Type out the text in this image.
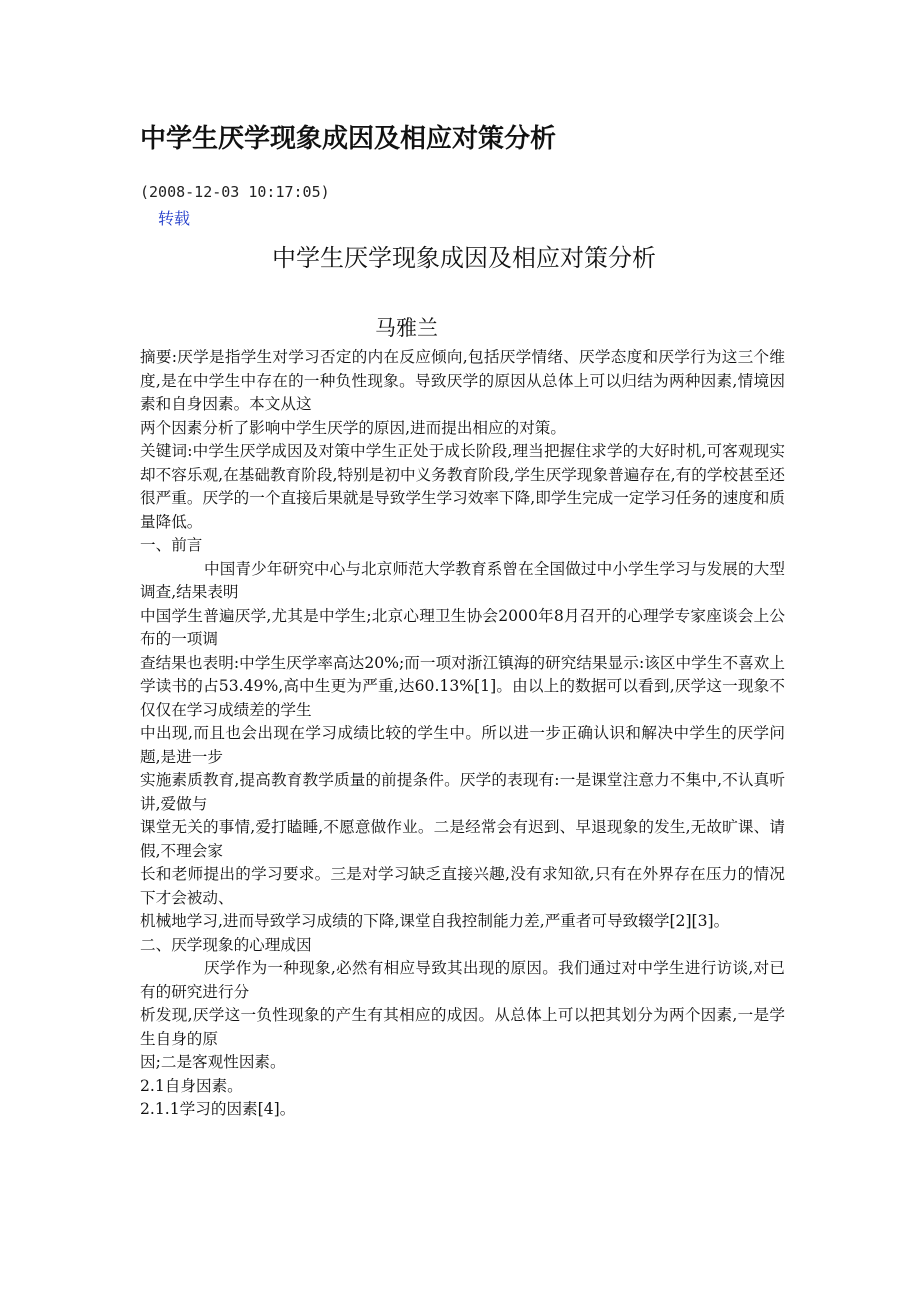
中学生厌学现象成因及相应对策分析
(2008-12-03 10:17:05)
转载
中学生厌学现象成因及相应对策分析
马雅兰

摘要:厌学是指学生对学习否定的内在反应倾向,包括厌学情绪、厌学态度和厌学行为这三个维度,是在中学生中存在的一种负性现象。导致厌学的原因从总体上可以归结为两种因素,情境因素和自身因素。本文从这

两个因素分析了影响中学生厌学的原因,进而提出相应的对策。

关键词:中学生厌学成因及对策中学生正处于成长阶段,理当把握住求学的大好时机,可客观现实却不容乐观,在基础教育阶段,特别是初中义务教育阶段,学生厌学现象普遍存在,有的学校甚至还很严重。厌学的一个直接后果就是导致学生学习效率下降,即学生完成一定学习任务的速度和质量降低。

一、前言

中国青少年研究中心与北京师范大学教育系曾在全国做过中小学生学习与发展的大型调查,结果表明

中国学生普遍厌学,尤其是中学生;北京心理卫生协会2000年8月召开的心理学专家座谈会上公布的一项调

查结果也表明:中学生厌学率高达20%;而一项对浙江镇海的研究结果显示:该区中学生不喜欢上学读书的占53.49%,高中生更为严重,达60.13%[1]。由以上的数据可以看到,厌学这一现象不仅仅在学习成绩差的学生

中出现,而且也会出现在学习成绩比较的学生中。所以进一步正确认识和解决中学生的厌学问题,是进一步

实施素质教育,提高教育教学质量的前提条件。厌学的表现有:一是课堂注意力不集中,不认真听讲,爱做与

课堂无关的事情,爱打瞌睡,不愿意做作业。二是经常会有迟到、早退现象的发生,无故旷课、请假,不理会家

长和老师提出的学习要求。三是对学习缺乏直接兴趣,没有求知欲,只有在外界存在压力的情况下才会被动、

机械地学习,进而导致学习成绩的下降,课堂自我控制能力差,严重者可导致辍学[2][3]。

二、厌学现象的心理成因

厌学作为一种现象,必然有相应导致其出现的原因。我们通过对中学生进行访谈,对已有的研究进行分

析发现,厌学这一负性现象的产生有其相应的成因。从总体上可以把其划分为两个因素,一是学生自身的原

因;二是客观性因素。

2.1自身因素。

2.1.1学习的因素[4]。
